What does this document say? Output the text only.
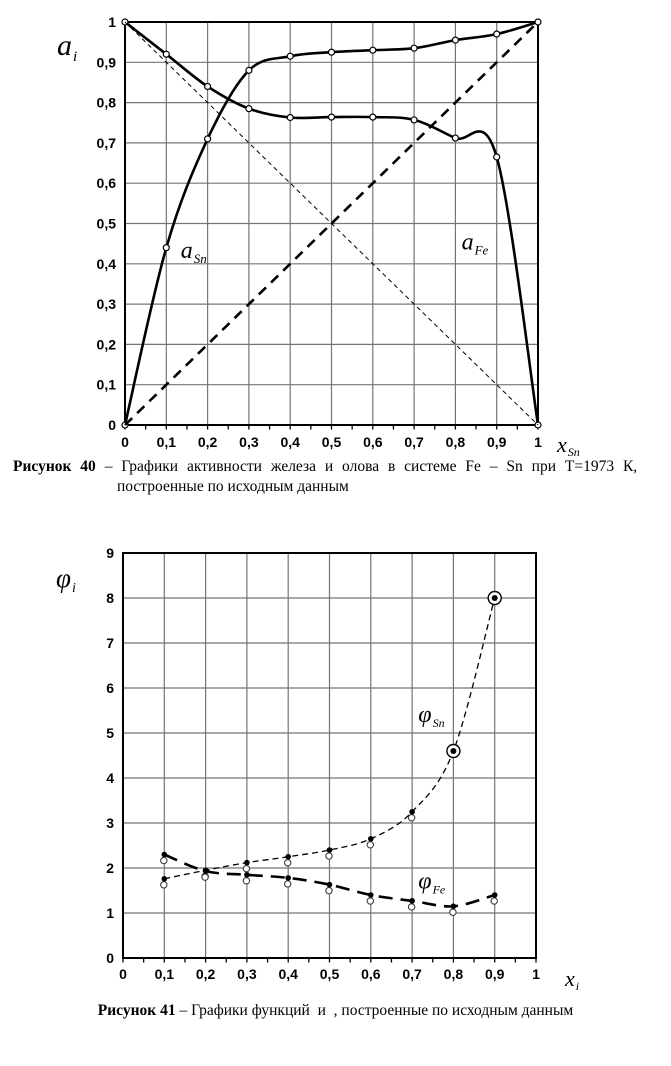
$a_{Sn}$
$a_{Fe}$
0 0,1 0,2 0,3 0,4 0,5 0,6 0,7 0,8 0,9 1
0
0,1
0,2
0,3
0,4
0,5
0,6
0,7
0,8
0,9
1
$a_i$
xSn

Рисунок 40 – Графики активности железа и олова в системе Fe – Sn при Т=1973 К,
построенные по исходным данным

$\varphi_{Sn}$
$\varphi_{Fe}$
0 0,1 0,2 0,3 0,4 0,5 0,6 0,7 0,8 0,9 1
0
1
2
3
4
5
6
7
8
9
φi
xi

Рисунок 41 – Графики функций  и  , построенные по исходным данным
